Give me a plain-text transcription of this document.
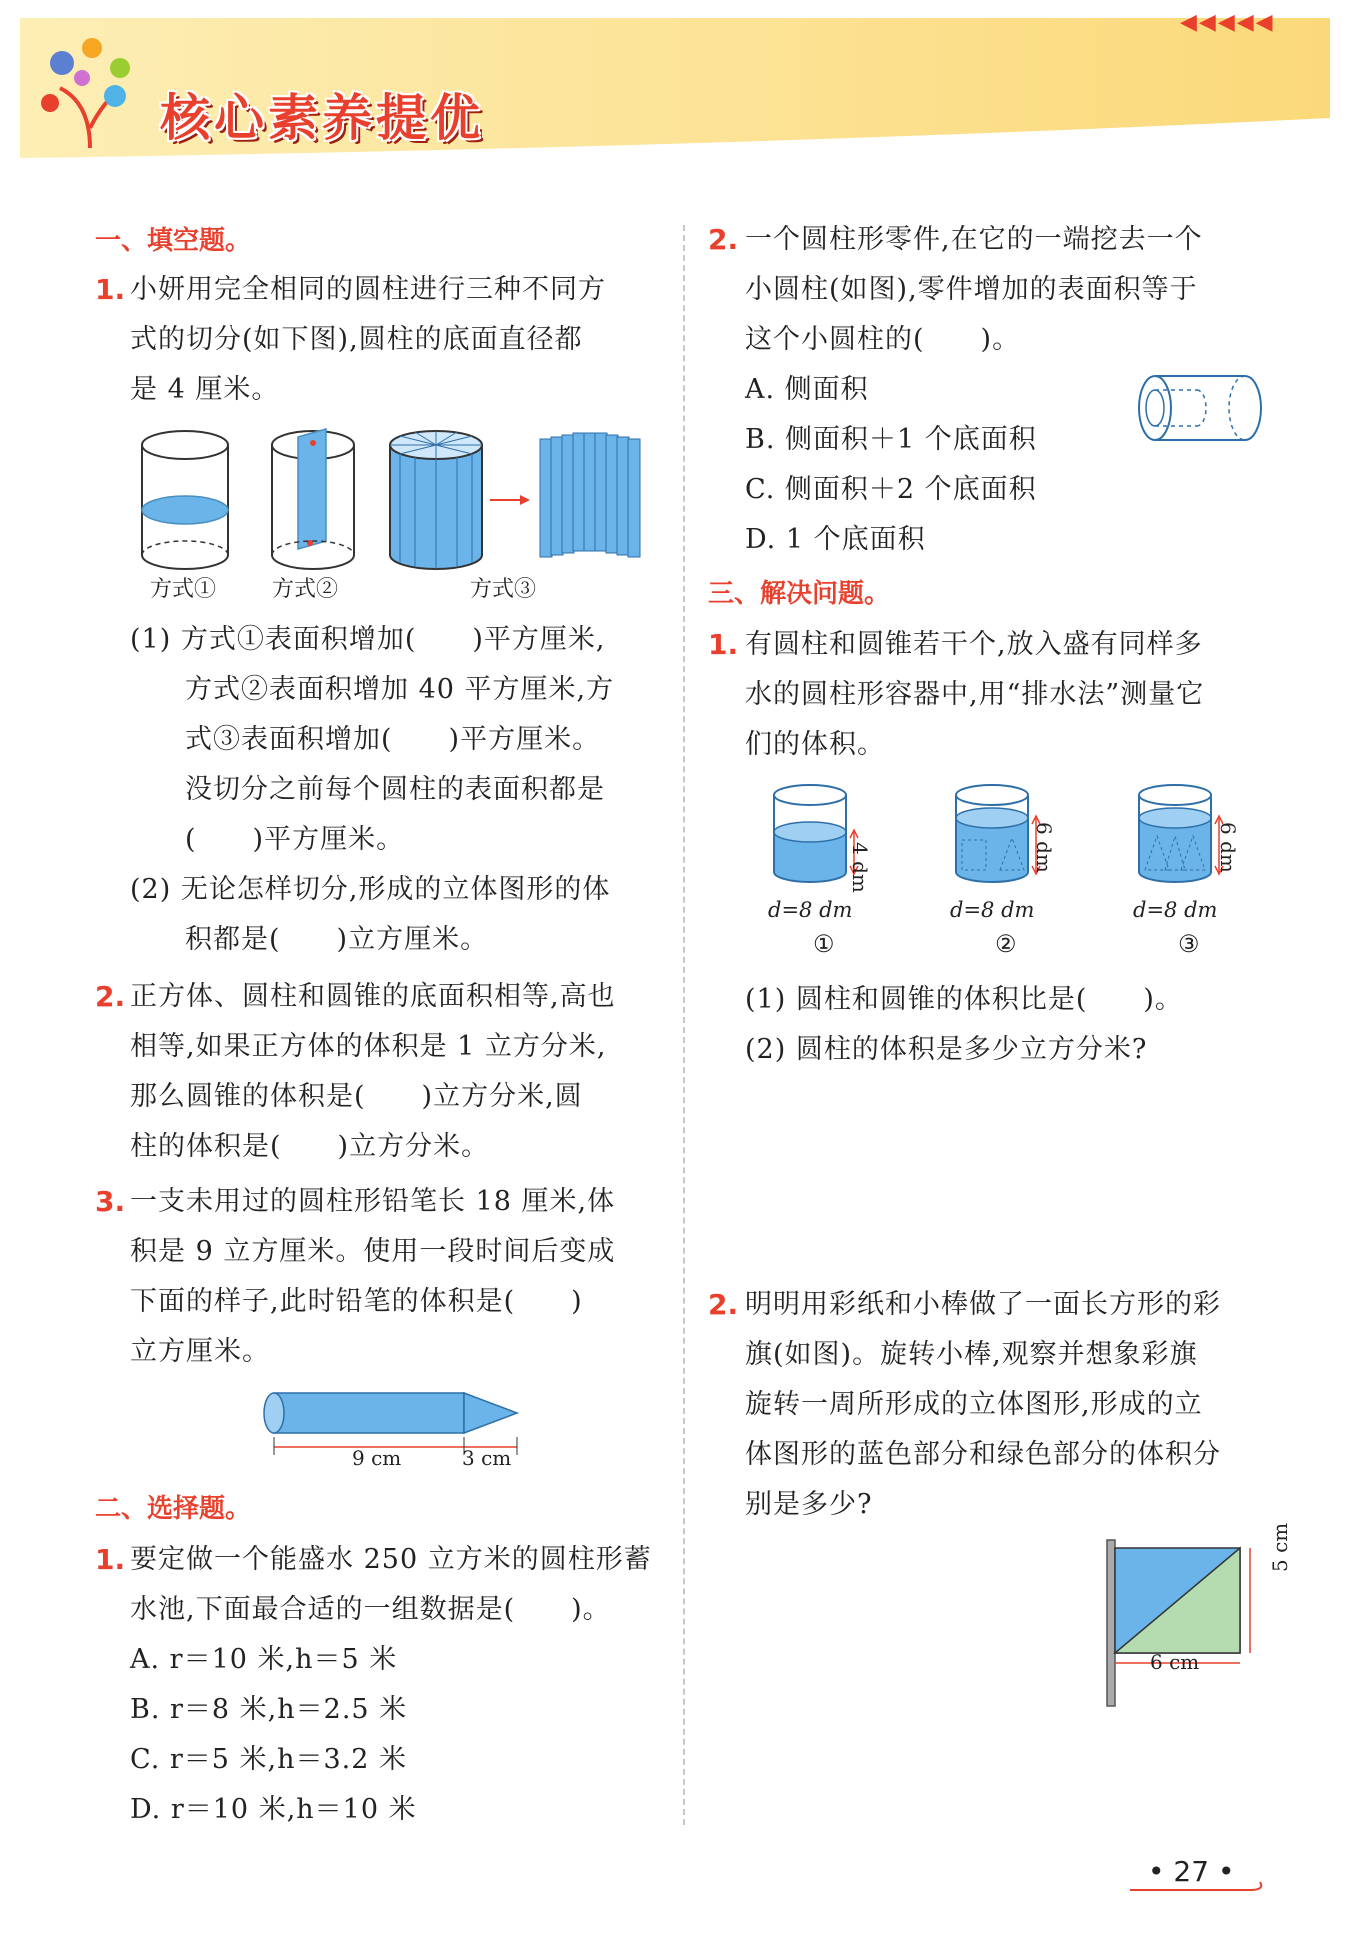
核心素养提优
◀◀◀◀◀
一、填空题。
1. 小妍用完全相同的圆柱进行三种不同方
式的切分(如下图),圆柱的底面直径都
是 4 厘米。
方式①	方式②	方式③
(1) 方式①表面积增加(　　)平方厘米,
方式②表面积增加 40 平方厘米,方
式③表面积增加(　　)平方厘米。
没切分之前每个圆柱的表面积都是
(　　)平方厘米。
(2) 无论怎样切分,形成的立体图形的体
积都是(　　)立方厘米。
2. 正方体、圆柱和圆锥的底面积相等,高也
相等,如果正方体的体积是 1 立方分米,
那么圆锥的体积是(　　)立方分米,圆
柱的体积是(　　)立方分米。
3. 一支未用过的圆柱形铅笔长 18 厘米,体
积是 9 立方厘米。使用一段时间后变成
下面的样子,此时铅笔的体积是(　　)
立方厘米。
9 cm	3 cm
二、选择题。
1. 要定做一个能盛水 250 立方米的圆柱形蓄
水池,下面最合适的一组数据是(　　)。
A. r＝10 米,h＝5 米
B. r＝8 米,h＝2.5 米
C. r＝5 米,h＝3.2 米
D. r＝10 米,h＝10 米
2. 一个圆柱形零件,在它的一端挖去一个
小圆柱(如图),零件增加的表面积等于
这个小圆柱的(　　)。
A. 侧面积
B. 侧面积＋1 个底面积
C. 侧面积＋2 个底面积
D. 1 个底面积
三、解决问题。
1. 有圆柱和圆锥若干个,放入盛有同样多
水的圆柱形容器中,用“排水法”测量它
们的体积。
4 dm	6 dm	6 dm
d=8 dm	d=8 dm	d=8 dm
①	②	③
(1) 圆柱和圆锥的体积比是(　　)。
(2) 圆柱的体积是多少立方分米?
2. 明明用彩纸和小棒做了一面长方形的彩
旗(如图)。旋转小棒,观察并想象彩旗
旋转一周所形成的立体图形,形成的立
体图形的蓝色部分和绿色部分的体积分
别是多少?
6 cm
5 cm
• 27 •
